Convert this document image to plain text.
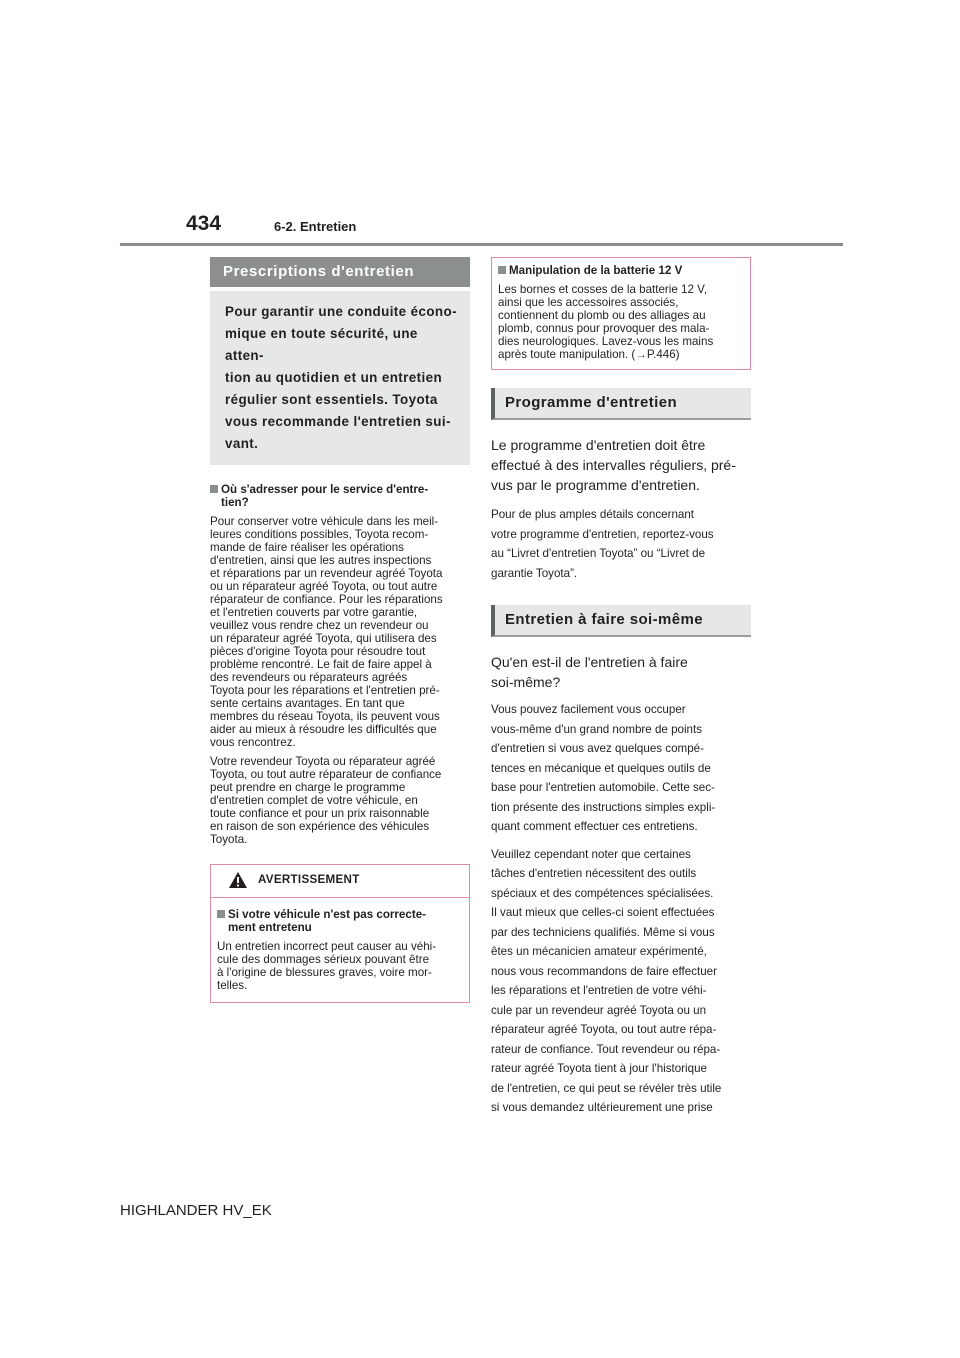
434	6-2. Entretien
Prescriptions d'entretien
Pour garantir une conduite écono-
mique en toute sécurité, une atten-
tion au quotidien et un entretien
régulier sont essentiels. Toyota
vous recommande l'entretien sui-
vant.
Où s'adresser pour le service d'entre-
tien?
Pour conserver votre véhicule dans les meil-
leures conditions possibles, Toyota recom-
mande de faire réaliser les opérations
d'entretien, ainsi que les autres inspections
et réparations par un revendeur agréé Toyota
ou un réparateur agréé Toyota, ou tout autre
réparateur de confiance. Pour les réparations
et l'entretien couverts par votre garantie,
veuillez vous rendre chez un revendeur ou
un réparateur agréé Toyota, qui utilisera des
pièces d'origine Toyota pour résoudre tout
problème rencontré. Le fait de faire appel à
des revendeurs ou réparateurs agréés
Toyota pour les réparations et l'entretien pré-
sente certains avantages. En tant que
membres du réseau Toyota, ils peuvent vous
aider au mieux à résoudre les difficultés que
vous rencontrez.
Votre revendeur Toyota ou réparateur agréé
Toyota, ou tout autre réparateur de confiance
peut prendre en charge le programme
d'entretien complet de votre véhicule, en
toute confiance et pour un prix raisonnable
en raison de son expérience des véhicules
Toyota.
AVERTISSEMENT
Si votre véhicule n'est pas correcte-
ment entretenu
Un entretien incorrect peut causer au véhi-
cule des dommages sérieux pouvant être
à l'origine de blessures graves, voire mor-
telles.
Manipulation de la batterie 12 V
Les bornes et cosses de la batterie 12 V,
ainsi que les accessoires associés,
contiennent du plomb ou des alliages au
plomb, connus pour provoquer des mala-
dies neurologiques. Lavez-vous les mains
après toute manipulation. (→P.446)
Programme d'entretien
Le programme d'entretien doit être
effectué à des intervalles réguliers, pré-
vus par le programme d'entretien.
Pour de plus amples détails concernant
votre programme d'entretien, reportez-vous
au “Livret d'entretien Toyota” ou “Livret de
garantie Toyota”.
Entretien à faire soi-même
Qu'en est-il de l'entretien à faire
soi-même?
Vous pouvez facilement vous occuper
vous-même d'un grand nombre de points
d'entretien si vous avez quelques compé-
tences en mécanique et quelques outils de
base pour l'entretien automobile. Cette sec-
tion présente des instructions simples expli-
quant comment effectuer ces entretiens.
Veuillez cependant noter que certaines
tâches d'entretien nécessitent des outils
spéciaux et des compétences spécialisées.
Il vaut mieux que celles-ci soient effectuées
par des techniciens qualifiés. Même si vous
êtes un mécanicien amateur expérimenté,
nous vous recommandons de faire effectuer
les réparations et l'entretien de votre véhi-
cule par un revendeur agréé Toyota ou un
réparateur agréé Toyota, ou tout autre répa-
rateur de confiance. Tout revendeur ou répa-
rateur agréé Toyota tient à jour l'historique
de l'entretien, ce qui peut se révéler très utile
si vous demandez ultérieurement une prise
HIGHLANDER HV_EK
